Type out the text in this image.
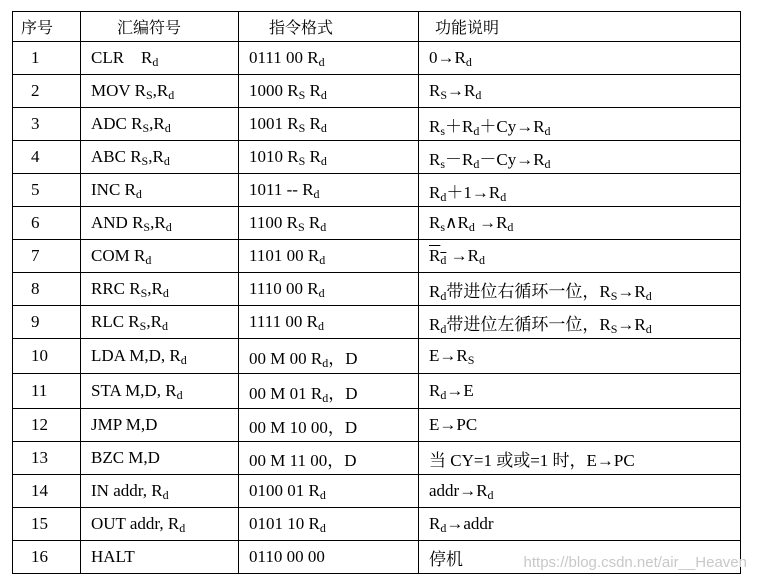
序号	汇编符号	指令格式	功能说明
1	CLR    $R_d$	0111 00 $R_d$	$0\to R_d$
2	MOV $R_S,R_d$	1000 $R_S$ $R_d$	$R_S\to R_d$
3	ADC $R_S,R_d$	1001 $R_S$ $R_d$	$R_s+R_d+Cy\to R_d$
4	ABC $R_S,R_d$	1010 $R_S$ $R_d$	$R_s-R_d-Cy\to R_d$
5	INC $R_d$	$1011 -- R_d$	$R_d+1\to R_d$
6	AND $R_S,R_d$	1100 $R_S$ $R_d$	$R_s\wedge R_d \to R_d$
7	COM $R_d$	1101 00 $R_d$	$R_d \to R_d$
8	RRC $R_S,R_d$	1110 00 $R_d$	$R_d$带进位右循环一位，$R_S\to R_d$
9	RLC $R_S,R_d$	1111 00 $R_d$	$R_d$带进位左循环一位，$R_S\to R_d$
10	LDA M,D, $R_d$	00 M 00 $R_d$，D	$E\to R_S$
11	STA M,D, $R_d$	00 M 01 $R_d$，D	$R_d\to E$
12	JMP M,D	00 M 10 00，D	E→PC
13	BZC M,D	00 M 11 00，D	当 CY=1 或或=1 时，E→PC
14	IN addr, $R_d$	0100 01 $R_d$	$addr\to R_d$
15	OUT addr, $R_d$	0101 10 $R_d$	$R_d\to addr$
16	HALT	0110 00 00	停机	https://blog.csdn.net/air__Heaven
